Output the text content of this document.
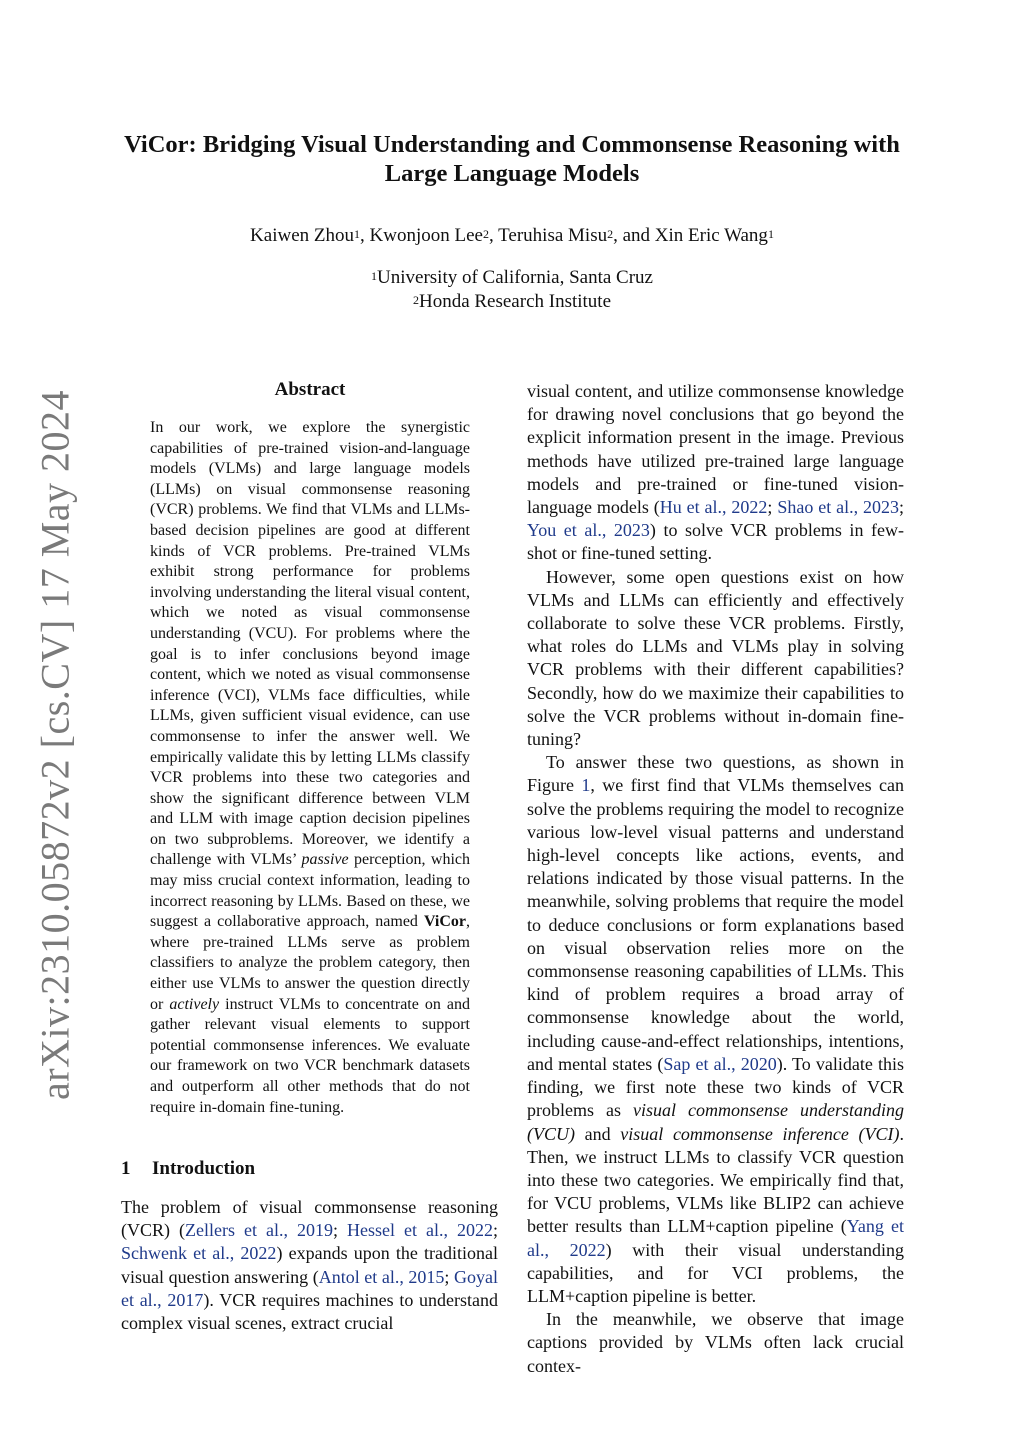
arXiv:2310.05872v2 [cs.CV] 17 May 2024
ViCor: Bridging Visual Understanding and Commonsense Reasoning with
Large Language Models
Kaiwen Zhou$^1$, Kwonjoon Lee$^2$, Teruhisa Misu$^2$, and Xin Eric Wang$^1$
$^1$University of California, Santa Cruz
$^2$Honda Research Institute
Abstract
In our work, we explore the synergistic capabilities of pre-trained vision-and-language models (VLMs) and large language models (LLMs) on visual commonsense reasoning (VCR) problems. We find that VLMs and LLMs-based decision pipelines are good at different kinds of VCR problems. Pre-trained VLMs exhibit strong performance for problems involving understanding the literal visual content, which we noted as visual commonsense understanding (VCU). For problems where the goal is to infer conclusions beyond image content, which we noted as visual commonsense inference (VCI), VLMs face difficulties, while LLMs, given sufficient visual evidence, can use commonsense to infer the answer well. We empirically validate this by letting LLMs classify VCR problems into these two categories and show the significant difference between VLM and LLM with image caption decision pipelines on two subproblems. Moreover, we identify a challenge with VLMs’ passive perception, which may miss crucial context information, leading to incorrect reasoning by LLMs. Based on these, we suggest a collaborative approach, named ViCor, where pre-trained LLMs serve as problem classifiers to analyze the problem category, then either use VLMs to answer the question directly or actively instruct VLMs to concentrate on and gather relevant visual elements to support potential commonsense inferences. We evaluate our framework on two VCR benchmark datasets and outperform all other methods that do not require in-domain fine-tuning.
1 Introduction
The problem of visual commonsense reasoning (VCR) (Zellers et al., 2019; Hessel et al., 2022; Schwenk et al., 2022) expands upon the traditional visual question answering (Antol et al., 2015; Goyal et al., 2017). VCR requires machines to understand complex visual scenes, extract crucial

visual content, and utilize commonsense knowledge for drawing novel conclusions that go beyond the explicit information present in the image. Previous methods have utilized pre-trained large language models and pre-trained or fine-tuned vision-language models (Hu et al., 2022; Shao et al., 2023; You et al., 2023) to solve VCR problems in few-shot or fine-tuned setting.

However, some open questions exist on how VLMs and LLMs can efficiently and effectively collaborate to solve these VCR problems. Firstly, what roles do LLMs and VLMs play in solving VCR problems with their different capabilities? Secondly, how do we maximize their capabilities to solve the VCR problems without in-domain fine-tuning?

To answer these two questions, as shown in Figure 1, we first find that VLMs themselves can solve the problems requiring the model to recognize various low-level visual patterns and understand high-level concepts like actions, events, and relations indicated by those visual patterns. In the meanwhile, solving problems that require the model to deduce conclusions or form explanations based on visual observation relies more on the commonsense reasoning capabilities of LLMs. This kind of problem requires a broad array of commonsense knowledge about the world, including cause-and-effect relationships, intentions, and mental states (Sap et al., 2020). To validate this finding, we first note these two kinds of VCR problems as visual commonsense understanding (VCU) and visual commonsense inference (VCI). Then, we instruct LLMs to classify VCR question into these two categories. We empirically find that, for VCU problems, VLMs like BLIP2 can achieve better results than LLM+caption pipeline (Yang et al., 2022) with their visual understanding capabilities, and for VCI problems, the LLM+caption pipeline is better.

In the meanwhile, we observe that image captions provided by VLMs often lack crucial contex-
